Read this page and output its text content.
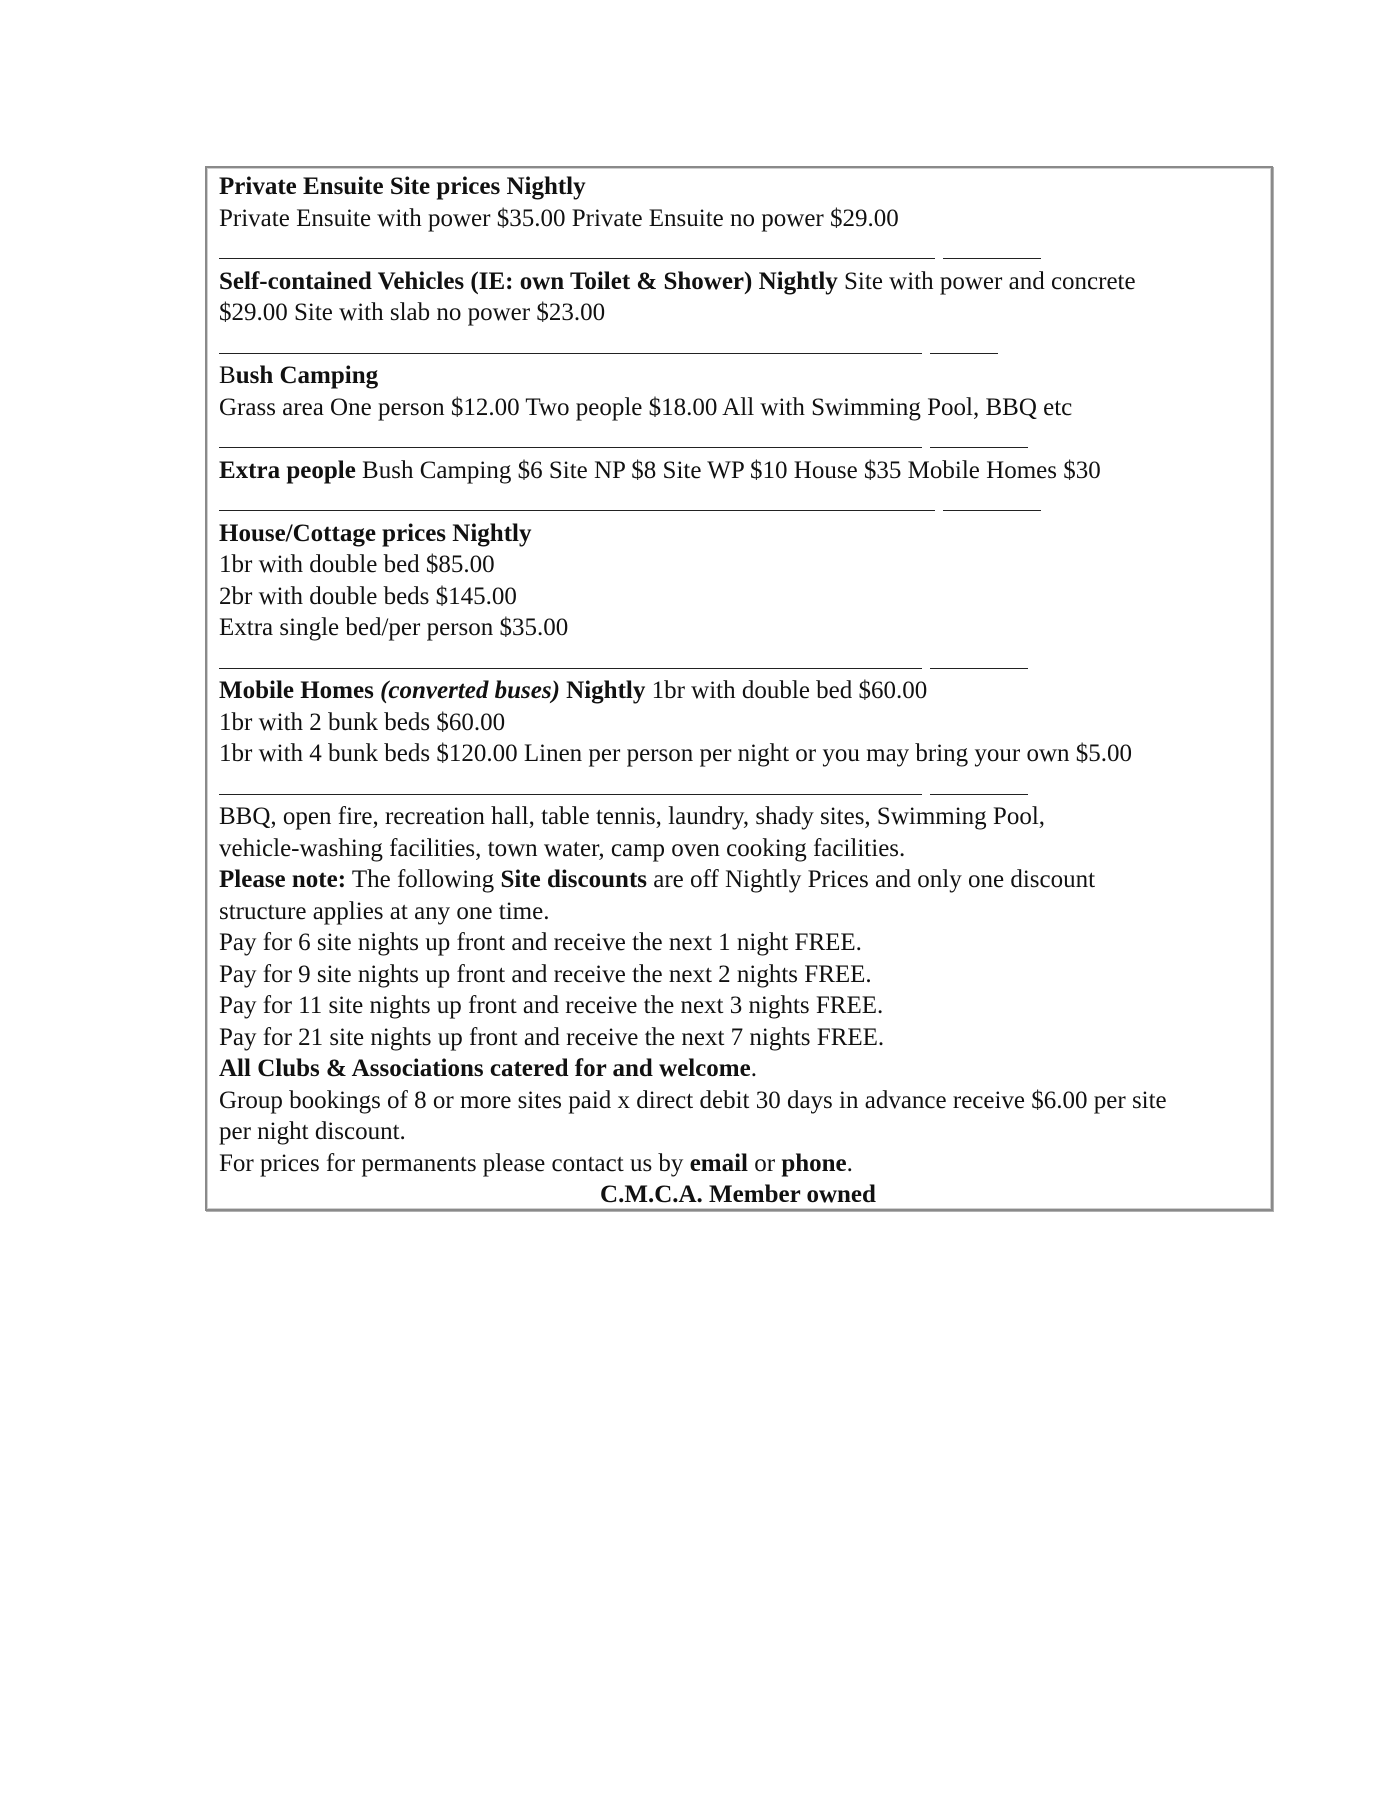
Private Ensuite Site prices Nightly
Private Ensuite with power $35.00 Private Ensuite no power $29.00
Self-contained Vehicles (IE: own Toilet & Shower) Nightly Site with power and concrete
$29.00 Site with slab no power $23.00
Bush Camping
Grass area One person $12.00 Two people $18.00 All with Swimming Pool, BBQ etc
Extra people Bush Camping $6 Site NP $8 Site WP $10 House $35 Mobile Homes $30
House/Cottage prices Nightly
1br with double bed $85.00
2br with double beds $145.00
Extra single bed/per person $35.00
Mobile Homes (converted buses) Nightly 1br with double bed $60.00
1br with 2 bunk beds $60.00
1br with 4 bunk beds $120.00 Linen per person per night or you may bring your own $5.00
BBQ, open fire, recreation hall, table tennis, laundry, shady sites, Swimming Pool,
vehicle-washing facilities, town water, camp oven cooking facilities.
Please note: The following Site discounts are off Nightly Prices and only one discount
structure applies at any one time.
Pay for 6 site nights up front and receive the next 1 night FREE.
Pay for 9 site nights up front and receive the next 2 nights FREE.
Pay for 11 site nights up front and receive the next 3 nights FREE.
Pay for 21 site nights up front and receive the next 7 nights FREE.
All Clubs & Associations catered for and welcome.
Group bookings of 8 or more sites paid x direct debit 30 days in advance receive $6.00 per site
per night discount.
For prices for permanents please contact us by email or phone.
C.M.C.A. Member owned
